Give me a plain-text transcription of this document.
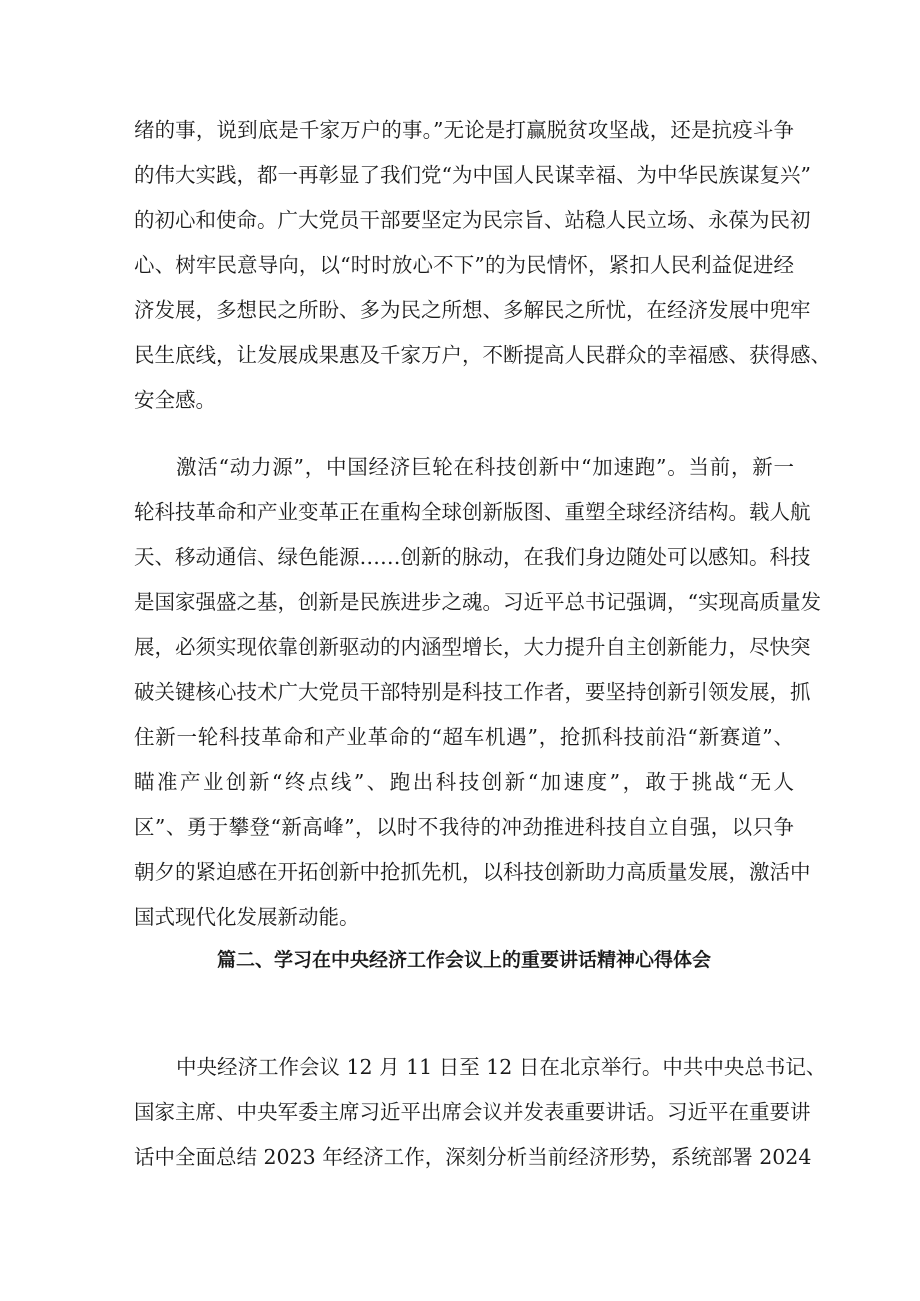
绪的事，说到底是千家万户的事。”无论是打赢脱贫攻坚战，还是抗疫斗争

的伟大实践，都一再彰显了我们党“为中国人民谋幸福、为中华民族谋复兴”

的初心和使命。广大党员干部要坚定为民宗旨、站稳人民立场、永葆为民初

心、树牢民意导向，以“时时放心不下”的为民情怀，紧扣人民利益促进经

济发展，多想民之所盼、多为民之所想、多解民之所忧，在经济发展中兜牢

民生底线，让发展成果惠及千家万户，不断提高人民群众的幸福感、获得感、

安全感。

激活“动力源”，中国经济巨轮在科技创新中“加速跑”。当前，新一

轮科技革命和产业变革正在重构全球创新版图、重塑全球经济结构。载人航

天、移动通信、绿色能源……创新的脉动，在我们身边随处可以感知。科技

是国家强盛之基，创新是民族进步之魂。习近平总书记强调，“实现高质量发

展，必须实现依靠创新驱动的内涵型增长，大力提升自主创新能力，尽快突

破关键核心技术广大党员干部特别是科技工作者，要坚持创新引领发展，抓

住新一轮科技革命和产业革命的“超车机遇”，抢抓科技前沿“新赛道”、

瞄准产业创新“终点线”、跑出科技创新“加速度”，敢于挑战“无人

区”、勇于攀登“新高峰”，以时不我待的冲劲推进科技自立自强，以只争

朝夕的紧迫感在开拓创新中抢抓先机，以科技创新助力高质量发展，激活中

国式现代化发展新动能。

篇二、学习在中央经济工作会议上的重要讲话精神心得体会

中央经济工作会议 12 月 11 日至 12 日在北京举行。中共中央总书记、

国家主席、中央军委主席习近平出席会议并发表重要讲话。习近平在重要讲

话中全面总结 2023 年经济工作，深刻分析当前经济形势，系统部署 2024
